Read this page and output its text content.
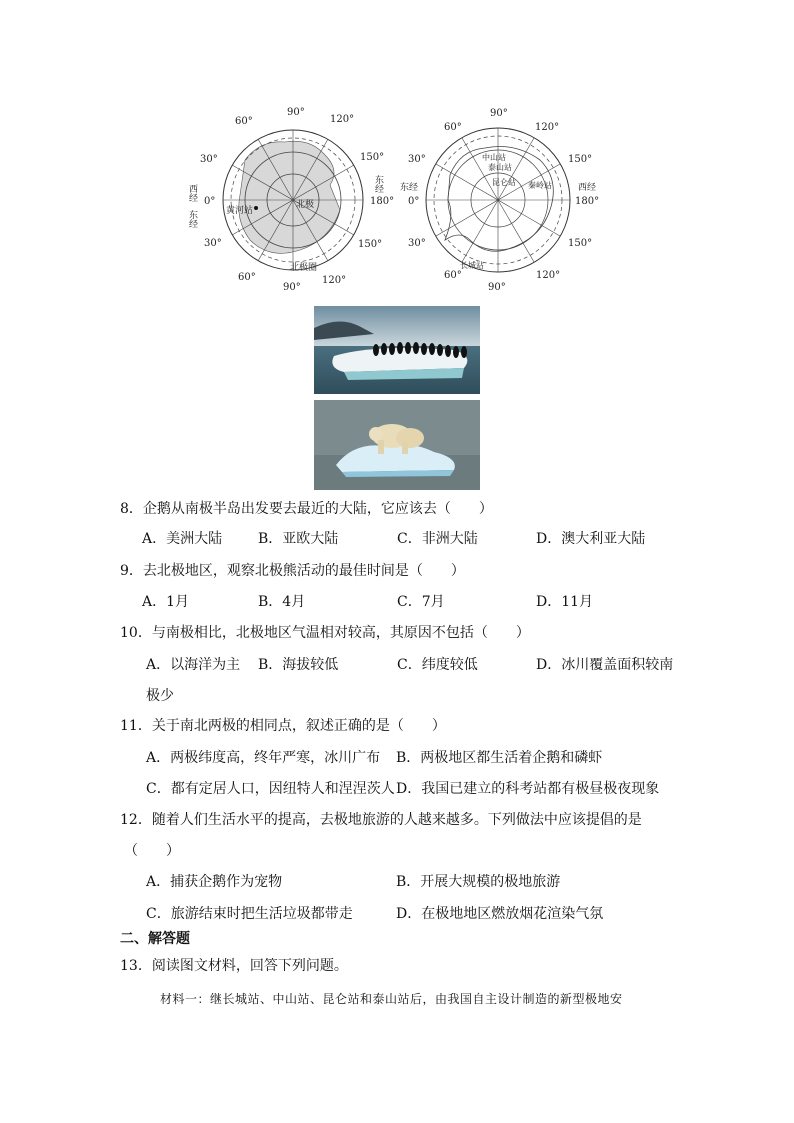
90°
120°
150°
180°
150°
120°
90°
60°
30°
0°
30°
60°
西经
东经
东经
黄河站
北极
北极圈
90°
120°
150°
180°
150°
120°
90°
60°
30°
0°
30°
60°
东经	西经
中山站
泰山站
昆仑站 秦岭站
长城站
8．企鹅从南极半岛出发要去最近的大陆，它应该去（　　）
A．美洲大陆	B．亚欧大陆	C．非洲大陆	D．澳大利亚大陆
9．去北极地区，观察北极熊活动的最佳时间是（　　）
A．1月	B．4月	C．7月	D．11月
10．与南极相比，北极地区气温相对较高，其原因不包括（　　）
A．以海洋为主 B．海拔较低	C．纬度较低	D．冰川覆盖面积较南
极少
11．关于南北两极的相同点，叙述正确的是（　　）
A．两极纬度高，终年严寒，冰川广布 B．两极地区都生活着企鹅和磷虾
C．都有定居人口，因纽特人和涅涅茨人 D．我国已建立的科考站都有极昼极夜现象
12．随着人们生活水平的提高，去极地旅游的人越来越多。下列做法中应该提倡的是
（　　）
A．捕获企鹅作为宠物	B．开展大规模的极地旅游
C．旅游结束时把生活垃圾都带走	D．在极地地区燃放烟花渲染气氛
二、解答题
13．阅读图文材料，回答下列问题。
材料一：继长城站、中山站、昆仑站和泰山站后，由我国自主设计制造的新型极地安
